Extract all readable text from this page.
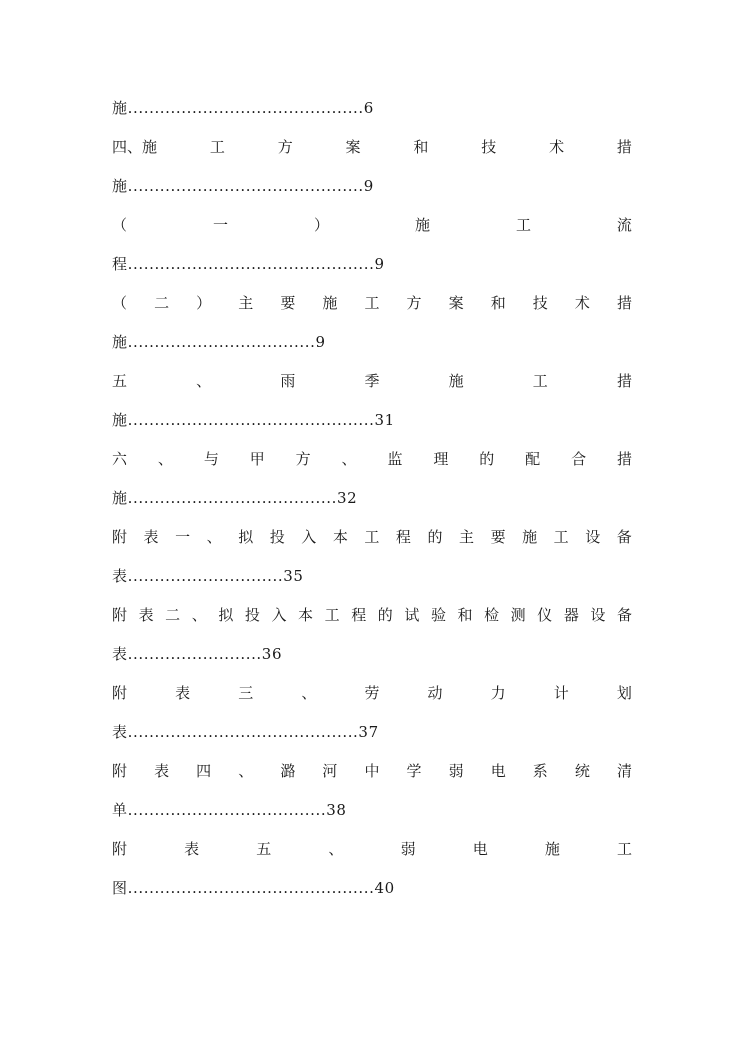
施............................................6
四、施	工	方	案	和	技	术	措
施............................................9
（	一	）	施	工	流
程..............................................9
（ 二 ） 主 要 施 工 方 案 和 技 术 措
施...................................9
五	、	雨	季	施	工	措
施..............................................31
六 、 与 甲 方 、 监 理 的 配 合 措
施.......................................32
附 表 一 、 拟 投 入 本 工 程 的 主 要 施 工 设 备
表.............................35
附 表 二 、 拟 投 入 本 工 程 的 试 验 和 检 测 仪 器 设 备
表.........................36
附	表	三	、	劳	动	力	计	划
表...........................................37
附 表 四 、 潞 河 中 学 弱 电 系 统 清
单.....................................38
附	表	五	、	弱	电	施	工
图..............................................40
